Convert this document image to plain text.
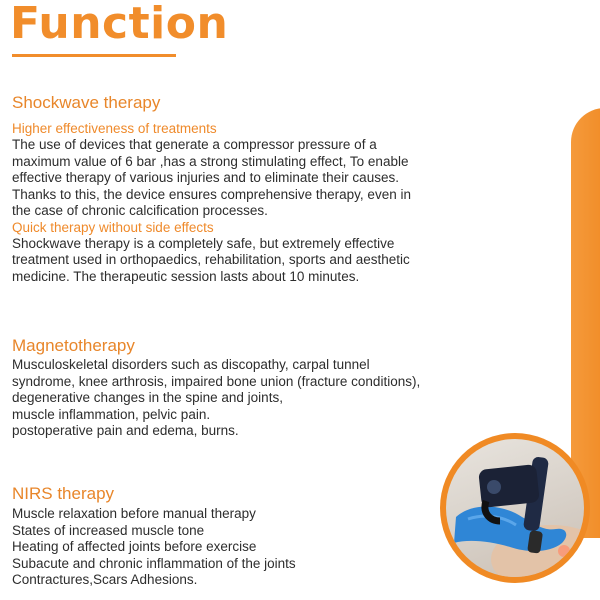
Function
Shockwave therapy

Higher effectiveness of treatments

The use of devices that generate a compressor pressure of a
maximum value of 6 bar ,has a strong stimulating effect, To enable
effective therapy of various injuries and to eliminate their causes.
Thanks to this, the device ensures comprehensive therapy, even in
the case of chronic calcification processes.

Quick therapy without side effects

Shockwave therapy is a completely safe, but extremely effective
treatment used in orthopaedics, rehabilitation, sports and aesthetic
medicine. The therapeutic session lasts about 10 minutes.

Magnetotherapy

Musculoskeletal disorders such as discopathy, carpal tunnel
syndrome, knee arthrosis, impaired bone union (fracture conditions),
degenerative changes in the spine and joints,
muscle inflammation, pelvic pain.
postoperative pain and edema, burns.

NIRS therapy

Muscle relaxation before manual therapy
States of increased muscle tone
Heating of affected joints before exercise
Subacute and chronic inflammation of the joints
Contractures,Scars Adhesions.
